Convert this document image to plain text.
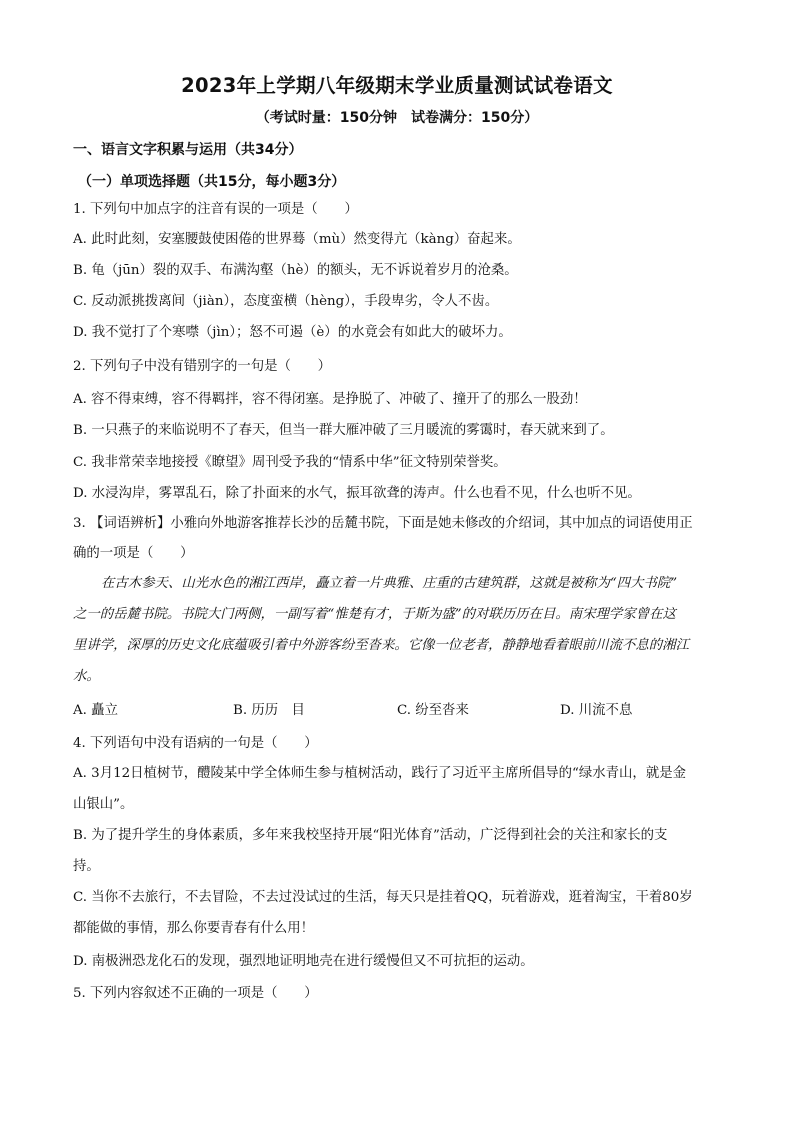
2023年上学期八年级期末学业质量测试试卷语文
（考试时量：150分钟　试卷满分：150分）
一、语言文字积累与运用（共34分）
（一）单项选择题（共15分，每小题3分）
1. 下列句中加点字的注音有误的一项是（　　）
A. 此时此刻，安塞腰鼓使困倦的世界蓦（mù）然变得亢（kàng）奋起来。
B. 龟（jūn）裂的双手、布满沟壑（hè）的额头，无不诉说着岁月的沧桑。
C. 反动派挑拨离间（jiàn），态度蛮横（hèng），手段卑劣，令人不齿。
D. 我不觉打了个寒噤（jìn）；怒不可遏（è）的水竟会有如此大的破坏力。
2. 下列句子中没有错别字的一句是（　　）
A. 容不得束缚，容不得羁拌，容不得闭塞。是挣脱了、冲破了、撞开了的那么一股劲！
B. 一只燕子的来临说明不了春天，但当一群大雁冲破了三月暖流的雾霭时，春天就来到了。
C. 我非常荣幸地接授《瞭望》周刊受予我的“情系中华”征文特别荣誉奖。
D. 水浸沟岸，雾罩乱石，除了扑面来的水气，振耳欲聋的涛声。什么也看不见，什么也听不见。
3. 【词语辨析】小雅向外地游客推荐长沙的岳麓书院，下面是她未修改的介绍词，其中加点的词语使用正
确的一项是（　　）
在古木参天、山光水色的湘江西岸，矗立着一片典雅、庄重的古建筑群，这就是被称为“四大书院”
之一的岳麓书院。书院大门两侧，一副写着“惟楚有才，于斯为盛”的对联历历在目。南宋理学家曾在这
里讲学，深厚的历史文化底蕴吸引着中外游客纷至沓来。它像一位老者，静静地看着眼前川流不息的湘江
水。
A. 矗立	B. 历历　目	C. 纷至沓来	D. 川流不息
4. 下列语句中没有语病的一句是（　　）
A. 3月12日植树节，醴陵某中学全体师生参与植树活动，践行了习近平主席所倡导的“绿水青山，就是金
山银山”。
B. 为了提升学生的身体素质，多年来我校坚持开展“阳光体育”活动，广泛得到社会的关注和家长的支
持。
C. 当你不去旅行，不去冒险，不去过没试过的生活，每天只是挂着QQ，玩着游戏，逛着淘宝，干着80岁
都能做的事情，那么你要青春有什么用！
D. 南极洲恐龙化石的发现，强烈地证明地壳在进行缓慢但又不可抗拒的运动。
5. 下列内容叙述不正确的一项是（　　）
